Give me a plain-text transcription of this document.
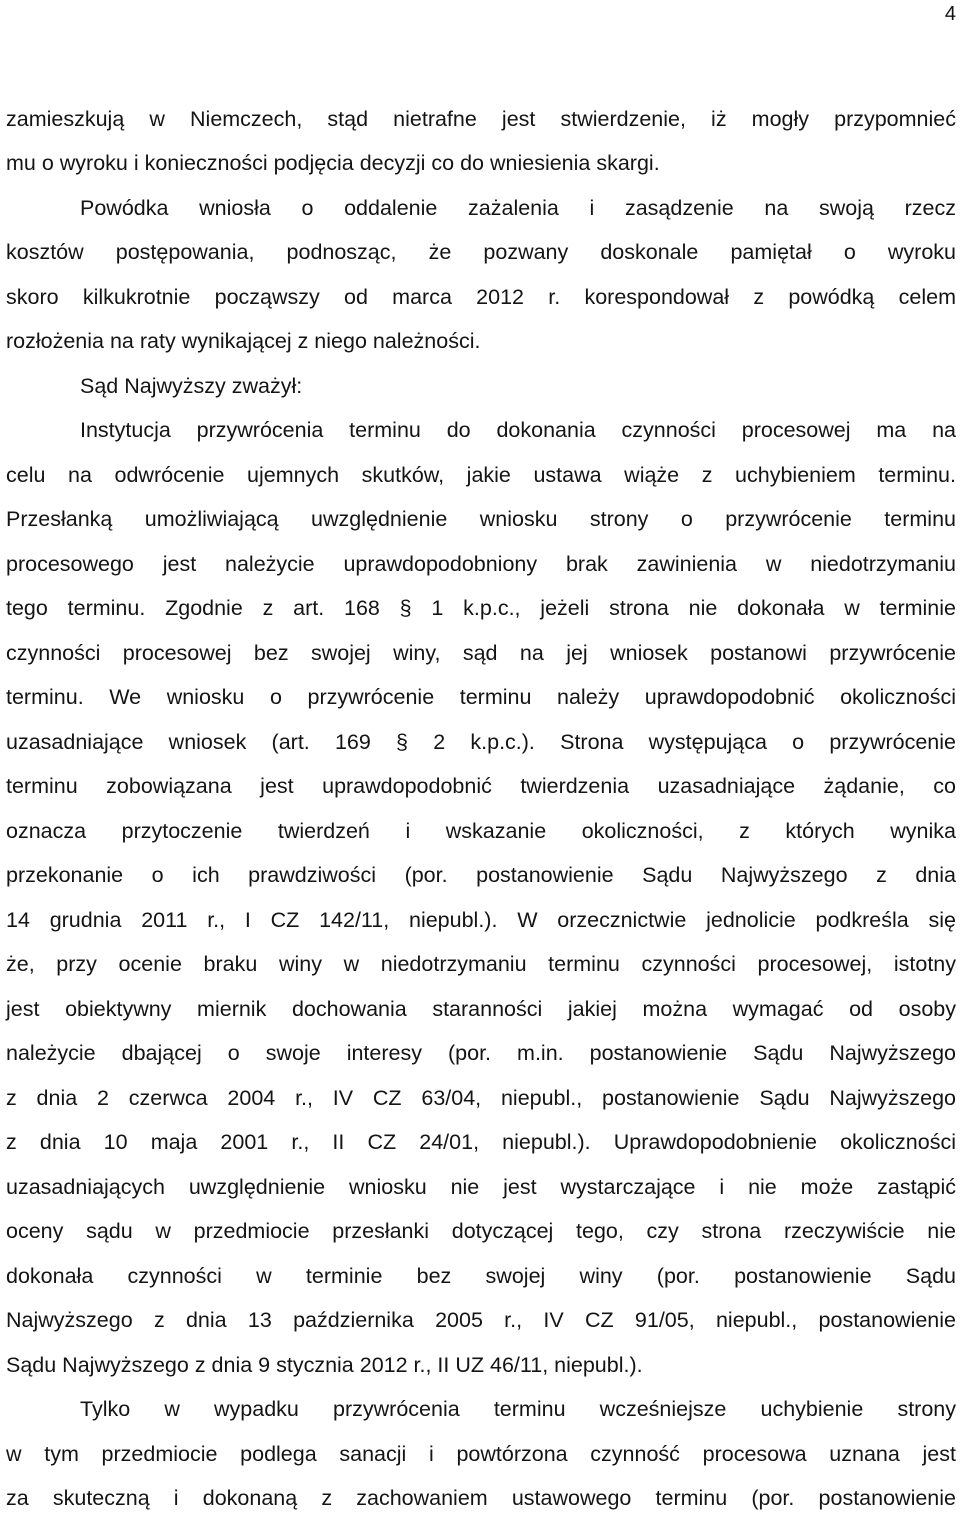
4
zamieszkują w Niemczech, stąd nietrafne jest stwierdzenie, iż mogły przypomnieć
mu o wyroku i konieczności podjęcia decyzji co do wniesienia skargi.
Powódka wniosła o oddalenie zażalenia i zasądzenie na swoją rzecz
kosztów postępowania, podnosząc, że pozwany doskonale pamiętał o wyroku
skoro kilkukrotnie począwszy od marca 2012 r. korespondował z powódką celem
rozłożenia na raty wynikającej z niego należności.
Sąd Najwyższy zważył:
Instytucja przywrócenia terminu do dokonania czynności procesowej ma na
celu na odwrócenie ujemnych skutków, jakie ustawa wiąże z uchybieniem terminu.
Przesłanką umożliwiającą uwzględnienie wniosku strony o przywrócenie terminu
procesowego jest należycie uprawdopodobniony brak zawinienia w niedotrzymaniu
tego terminu. Zgodnie z art. 168 § 1 k.p.c., jeżeli strona nie dokonała w terminie
czynności procesowej bez swojej winy, sąd na jej wniosek postanowi przywrócenie
terminu. We wniosku o przywrócenie terminu należy uprawdopodobnić okoliczności
uzasadniające wniosek (art. 169 § 2 k.p.c.). Strona występująca o przywrócenie
terminu zobowiązana jest uprawdopodobnić twierdzenia uzasadniające żądanie, co
oznacza przytoczenie twierdzeń i wskazanie okoliczności, z których wynika
przekonanie o ich prawdziwości (por. postanowienie Sądu Najwyższego z dnia
14 grudnia 2011 r., I CZ 142/11, niepubl.). W orzecznictwie jednolicie podkreśla się
że, przy ocenie braku winy w niedotrzymaniu terminu czynności procesowej, istotny
jest obiektywny miernik dochowania staranności jakiej można wymagać od osoby
należycie dbającej o swoje interesy (por. m.in. postanowienie Sądu Najwyższego
z dnia 2 czerwca 2004 r., IV CZ 63/04, niepubl., postanowienie Sądu Najwyższego
z dnia 10 maja 2001 r., II CZ 24/01, niepubl.). Uprawdopodobnienie okoliczności
uzasadniających uwzględnienie wniosku nie jest wystarczające i nie może zastąpić
oceny sądu w przedmiocie przesłanki dotyczącej tego, czy strona rzeczywiście nie
dokonała czynności w terminie bez swojej winy (por. postanowienie Sądu
Najwyższego z dnia 13 października 2005 r., IV CZ 91/05, niepubl., postanowienie
Sądu Najwyższego z dnia 9 stycznia 2012 r., II UZ 46/11, niepubl.).
Tylko w wypadku przywrócenia terminu wcześniejsze uchybienie strony
w tym przedmiocie podlega sanacji i powtórzona czynność procesowa uznana jest
za skuteczną i dokonaną z zachowaniem ustawowego terminu (por. postanowienie
